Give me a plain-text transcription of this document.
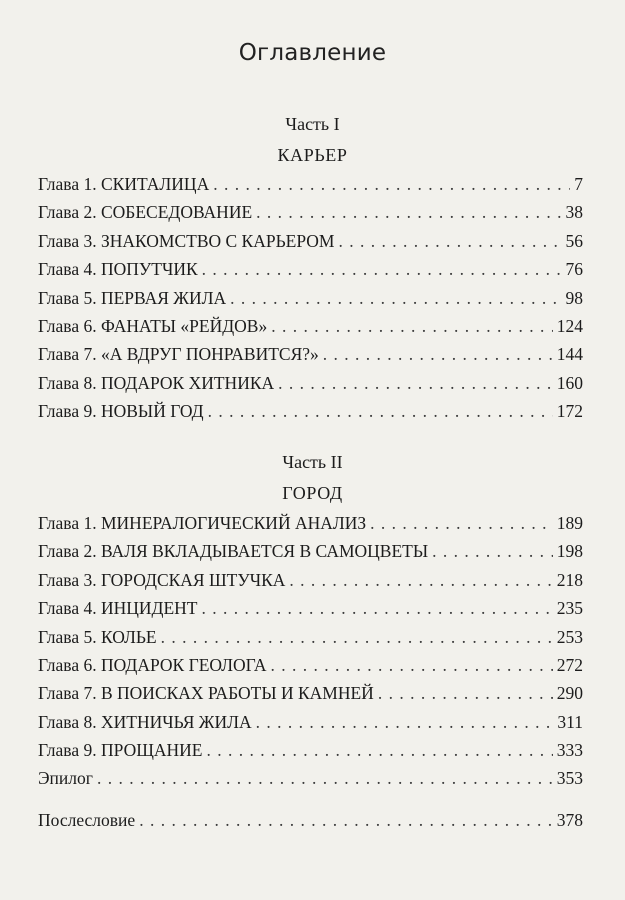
Оглавление
Часть I
КАРЬЕР
Глава 1. СКИТАЛИЦА . . .	7
Глава 2. СОБЕСЕДОВАНИЕ . . .	38
Глава 3. ЗНАКОМСТВО С КАРЬЕРОМ . . .	56
Глава 4. ПОПУТЧИК . . .	76
Глава 5. ПЕРВАЯ ЖИЛА . . .	98
Глава 6. ФАНАТЫ «РЕЙДОВ» . . .	124
Глава 7. «А ВДРУГ ПОНРАВИТСЯ?» . . .	144
Глава 8. ПОДАРОК ХИТНИКА . . .	160
Глава 9. НОВЫЙ ГОД . . .	172
Часть II
ГОРОД
Глава 1. МИНЕРАЛОГИЧЕСКИЙ АНАЛИЗ . . .	189
Глава 2. ВАЛЯ ВКЛАДЫВАЕТСЯ В САМОЦВЕТЫ . . .	198
Глава 3. ГОРОДСКАЯ ШТУЧКА . . .	218
Глава 4. ИНЦИДЕНТ . . .	235
Глава 5. КОЛЬЕ . . .	253
Глава 6. ПОДАРОК ГЕОЛОГА . . .	272
Глава 7. В ПОИСКАХ РАБОТЫ И КАМНЕЙ . . .	290
Глава 8. ХИТНИЧЬЯ ЖИЛА . . .	311
Глава 9. ПРОЩАНИЕ . . .	333
Эпилог . . .	353
Послесловие . . .	378
